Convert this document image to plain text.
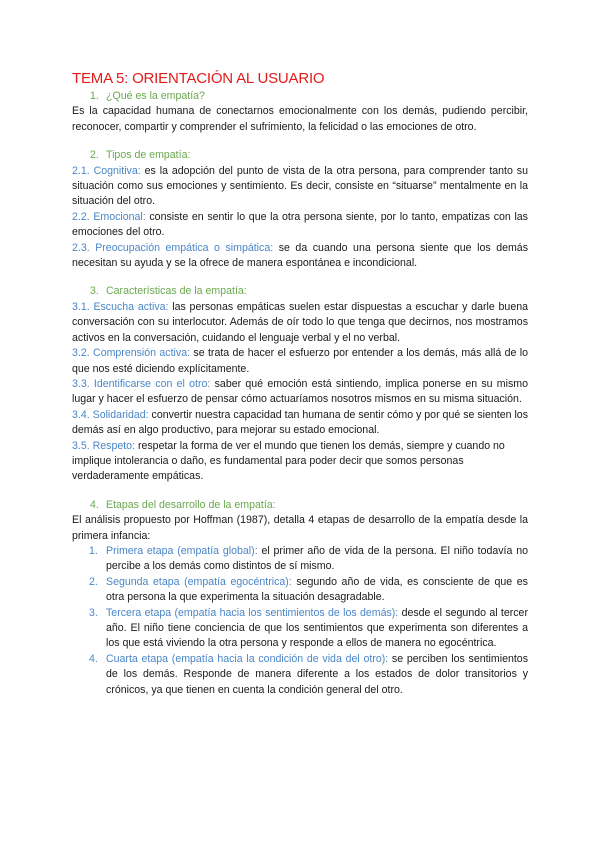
TEMA 5: ORIENTACIÓN AL USUARIO
1. ¿Qué es la empatía?

Es la capacidad humana de conectarnos emocionalmente con los demás, pudiendo percibir, reconocer, compartir y comprender el sufrimiento, la felicidad o las emociones de otro.

2. Tipos de empatía:

2.1. Cognitiva: es la adopción del punto de vista de la otra persona, para comprender tanto su situación como sus emociones y sentimiento. Es decir, consiste en “situarse” mentalmente en la situación del otro.

2.2. Emocional: consiste en sentir lo que la otra persona siente, por lo tanto, empatizas con las emociones del otro.

2.3. Preocupación empática o simpática: se da cuando una persona siente que los demás necesitan su ayuda y se la ofrece de manera espontánea e incondicional.

3. Características de la empatía:

3.1. Escucha activa: las personas empáticas suelen estar dispuestas a escuchar y darle buena conversación con su interlocutor. Además de oír todo lo que tenga que decirnos, nos mostramos activos en la conversación, cuidando el lenguaje verbal y el no verbal.

3.2. Comprensión activa: se trata de hacer el esfuerzo por entender a los demás, más allá de lo que nos esté diciendo explícitamente.

3.3. Identificarse con el otro: saber qué emoción está sintiendo, implica ponerse en su mismo lugar y hacer el esfuerzo de pensar cómo actuaríamos nosotros mismos en su misma situación.

3.4. Solidaridad: convertir nuestra capacidad tan humana de sentir cómo y por qué se sienten los demás así en algo productivo, para mejorar su estado emocional.

3.5. Respeto: respetar la forma de ver el mundo que tienen los demás, siempre y cuando no implique intolerancia o daño, es fundamental para poder decir que somos personas verdaderamente empáticas.

4. Etapas del desarrollo de la empatía:

El análisis propuesto por Hoffman (1987), detalla 4 etapas de desarrollo de la empatía desde la primera infancia:

1. Primera etapa (empatía global): el primer año de vida de la persona. El niño todavía no percibe a los demás como distintos de sí mismo.
2. Segunda etapa (empatía egocéntrica): segundo año de vida, es consciente de que es otra persona la que experimenta la situación desagradable.
3. Tercera etapa (empatía hacia los sentimientos de los demás): desde el segundo al tercer año. El niño tiene conciencia de que los sentimientos que experimenta son diferentes a los que está viviendo la otra persona y responde a ellos de manera no egocéntrica.
4. Cuarta etapa (empatía hacia la condición de vida del otro): se perciben los sentimientos de los demás. Responde de manera diferente a los estados de dolor transitorios y crónicos, ya que tienen en cuenta la condición general del otro.
